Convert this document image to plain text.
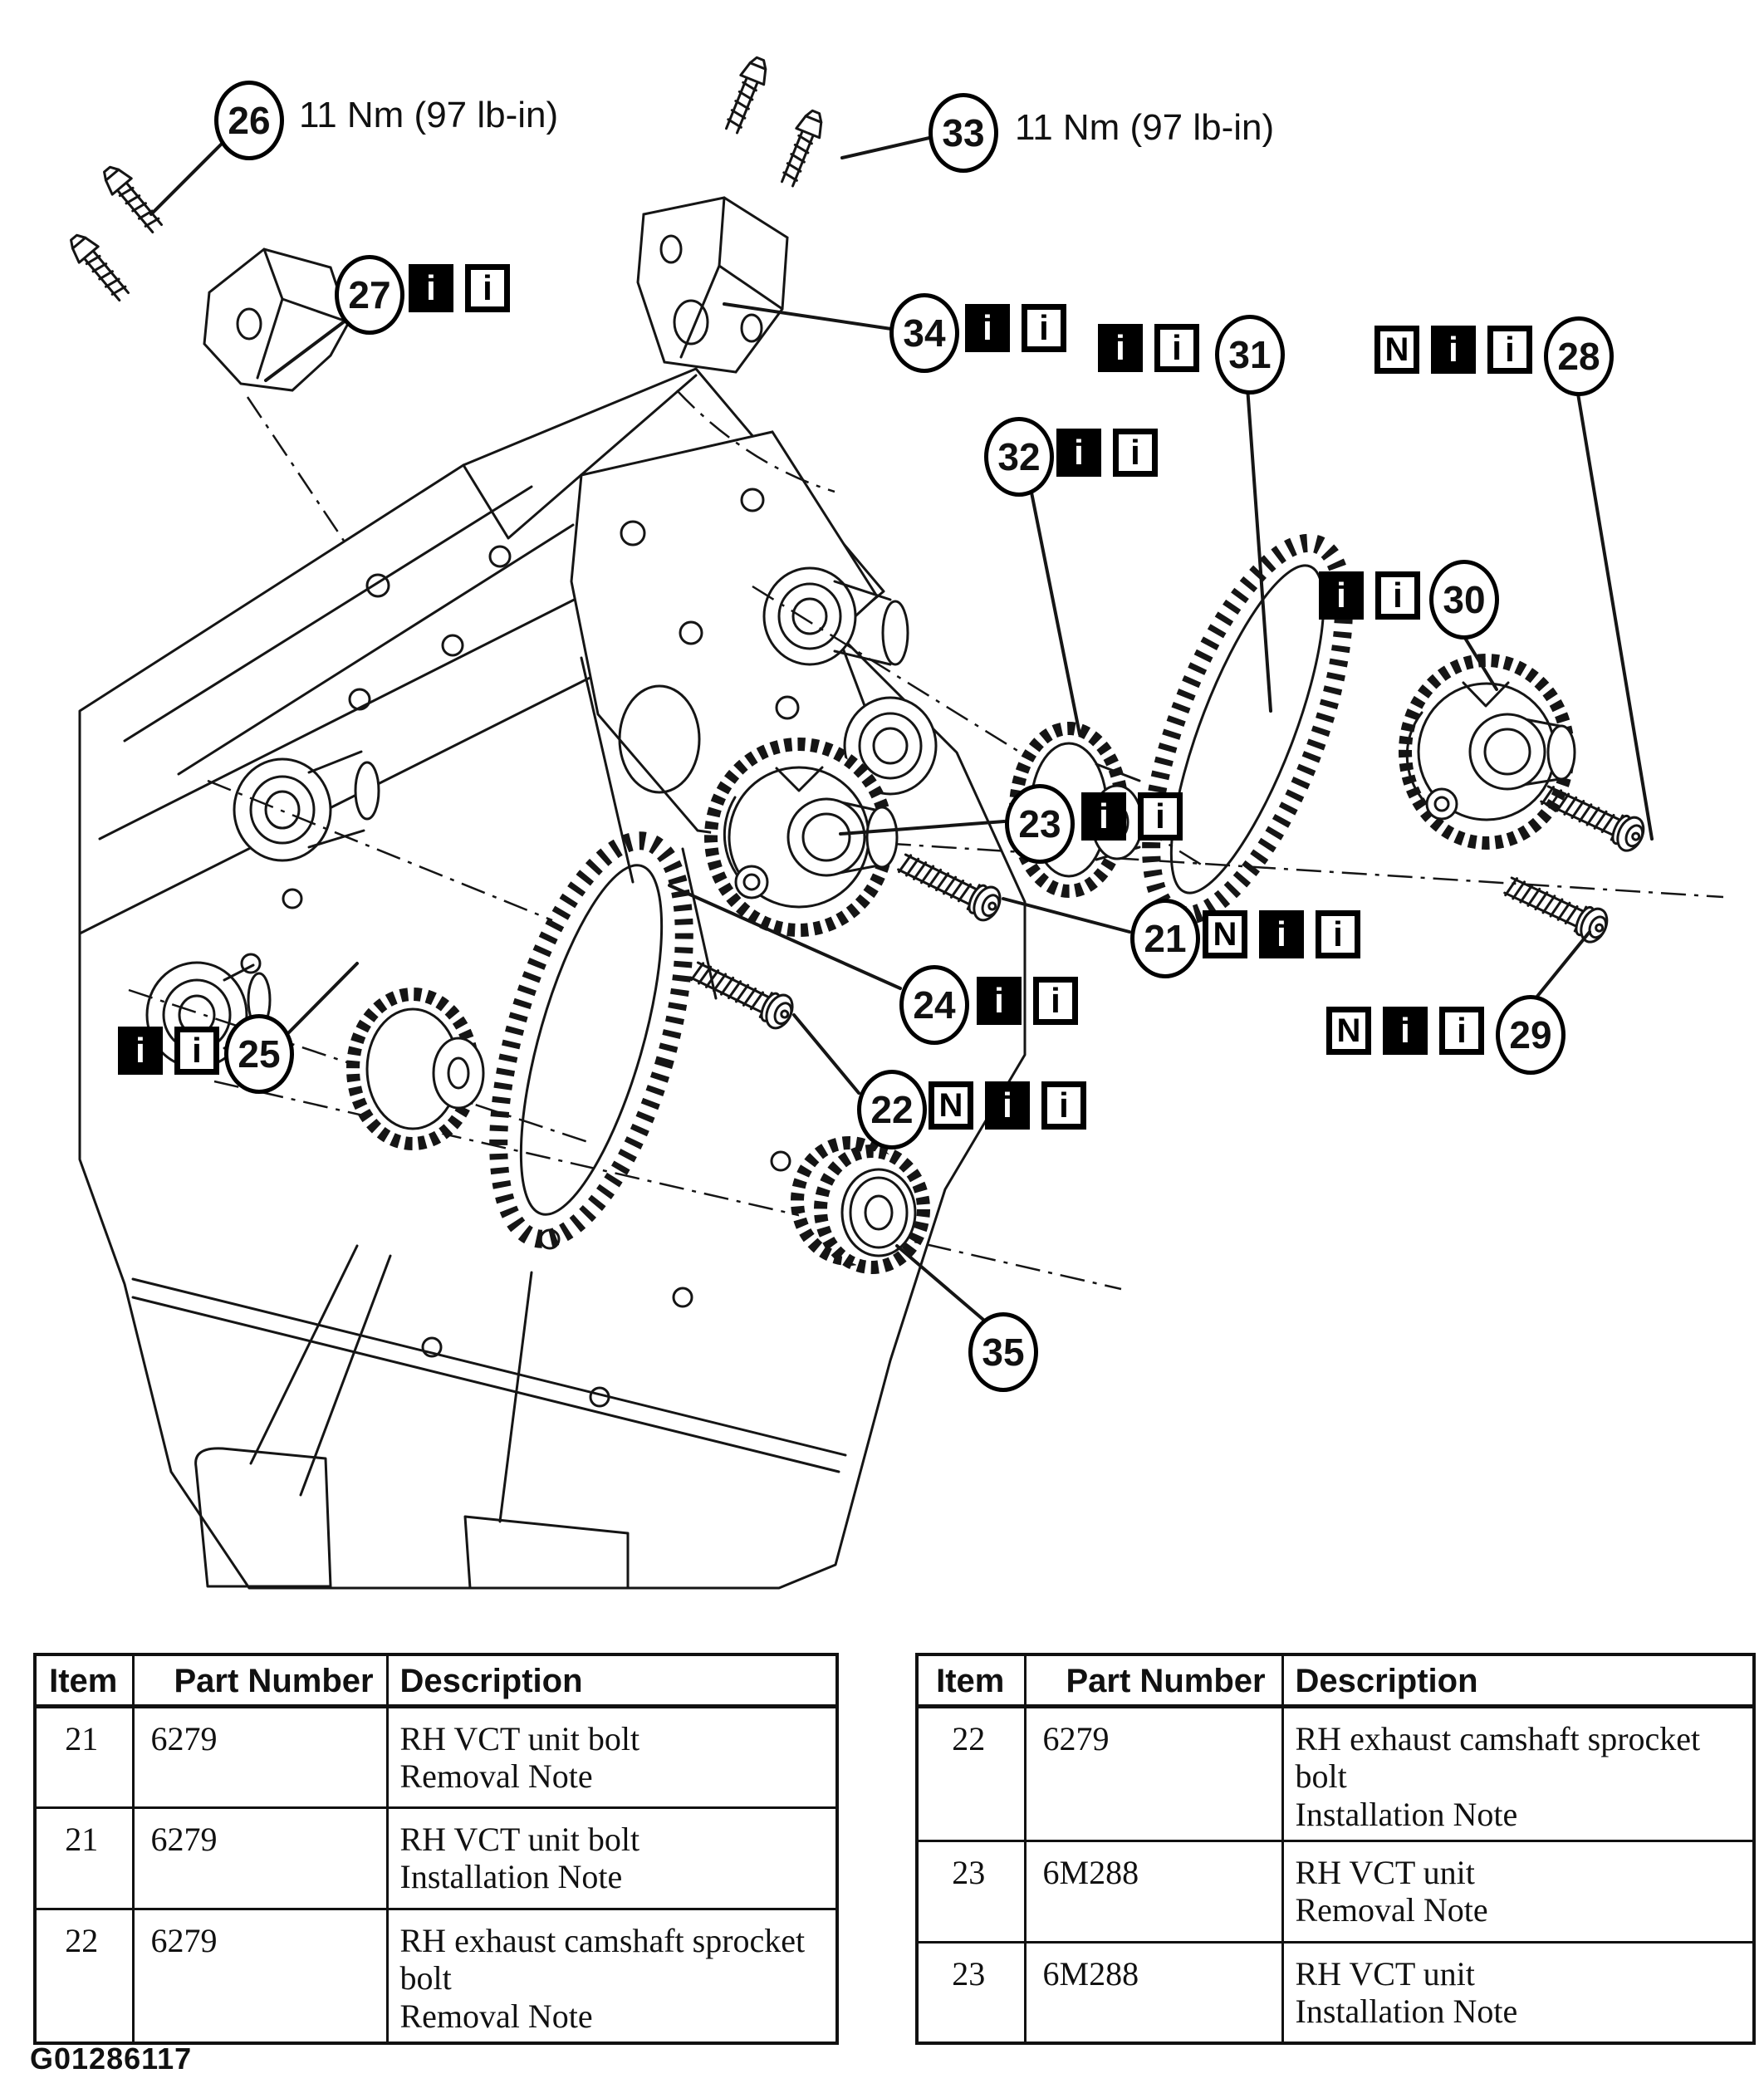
11 Nm (97 lb-in)	11 Nm (97 lb-in)
26
27
33
34	31	28
32
30
23
21
24
22
25	29
35
i i
i i
i i	N i i
i i
i i
i i
N i i
i i
N i i
i i
N i i
Item	Part Number	Description
21	6279	RH VCT unit bolt
Removal Note

21	6279	RH VCT unit bolt
Installation Note

22	6279	RH exhaust camshaft sprocket bolt
Removal Note
Item	Part Number	Description
22	6279	RH exhaust camshaft sprocket bolt
Installation Note

23	6M288	RH VCT unit
Removal Note

23	6M288	RH VCT unit
Installation Note
G01286117
